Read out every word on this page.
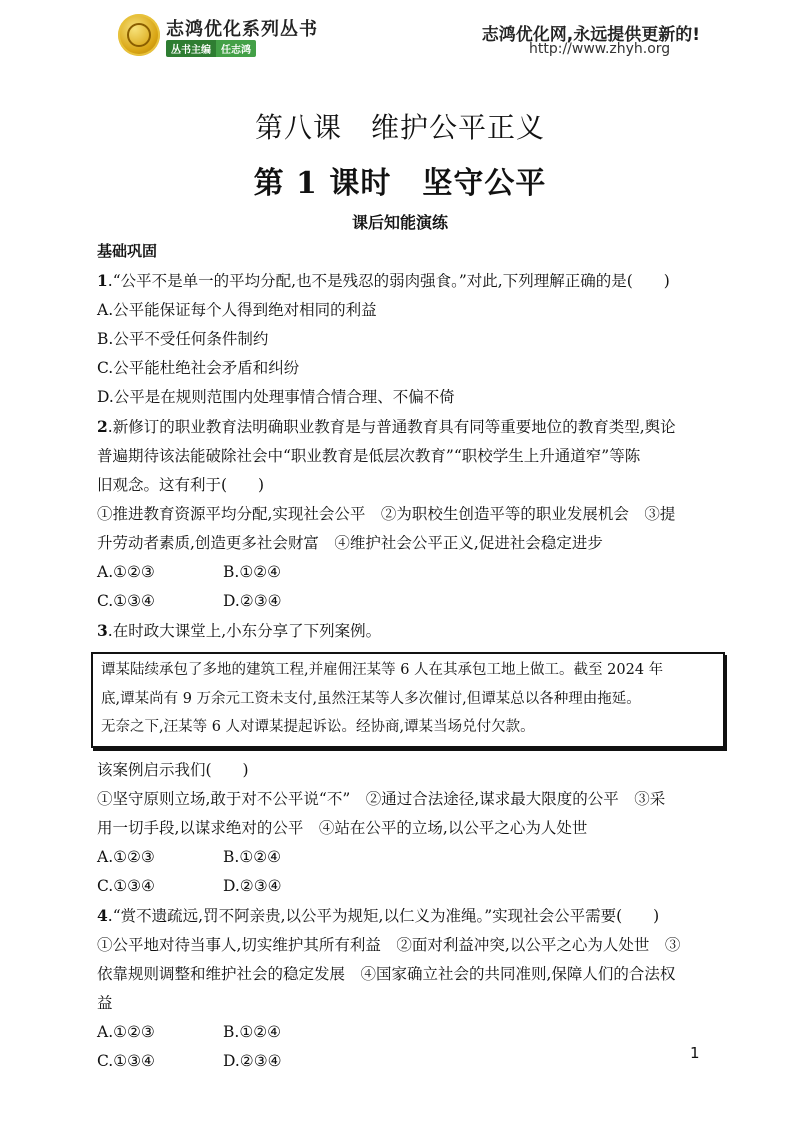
志鸿优化系列丛书
丛书主编	任志鸿
志鸿优化网,永远提供更新的!
http://www.zhyh.org
第八课　维护公平正义
第 1 课时　坚守公平
课后知能演练
基础巩固
1.“公平不是单一的平均分配,也不是残忍的弱肉强食。”对此,下列理解正确的是(　　)
A.公平能保证每个人得到绝对相同的利益
B.公平不受任何条件制约
C.公平能杜绝社会矛盾和纠纷
D.公平是在规则范围内处理事情合情合理、不偏不倚
2.新修订的职业教育法明确职业教育是与普通教育具有同等重要地位的教育类型,舆论
普遍期待该法能破除社会中“职业教育是低层次教育”“职校学生上升通道窄”等陈
旧观念。这有利于(　　)
①推进教育资源平均分配,实现社会公平　②为职校生创造平等的职业发展机会　③提
升劳动者素质,创造更多社会财富　④维护社会公平正义,促进社会稳定进步
A.①②③	B.①②④
C.①③④	D.②③④
3.在时政大课堂上,小东分享了下列案例。
谭某陆续承包了多地的建筑工程,并雇佣汪某等 6 人在其承包工地上做工。截至 2024 年
底,谭某尚有 9 万余元工资未支付,虽然汪某等人多次催讨,但谭某总以各种理由拖延。
无奈之下,汪某等 6 人对谭某提起诉讼。经协商,谭某当场兑付欠款。
该案例启示我们(　　)
①坚守原则立场,敢于对不公平说“不”　②通过合法途径,谋求最大限度的公平　③采
用一切手段,以谋求绝对的公平　④站在公平的立场,以公平之心为人处世
A.①②③	B.①②④
C.①③④	D.②③④
4.“赏不遗疏远,罚不阿亲贵,以公平为规矩,以仁义为准绳。”实现社会公平需要(　　)
①公平地对待当事人,切实维护其所有利益　②面对利益冲突,以公平之心为人处世　③
依靠规则调整和维护社会的稳定发展　④国家确立社会的共同准则,保障人们的合法权
益
A.①②③	B.①②④
C.①③④	D.②③④	1
